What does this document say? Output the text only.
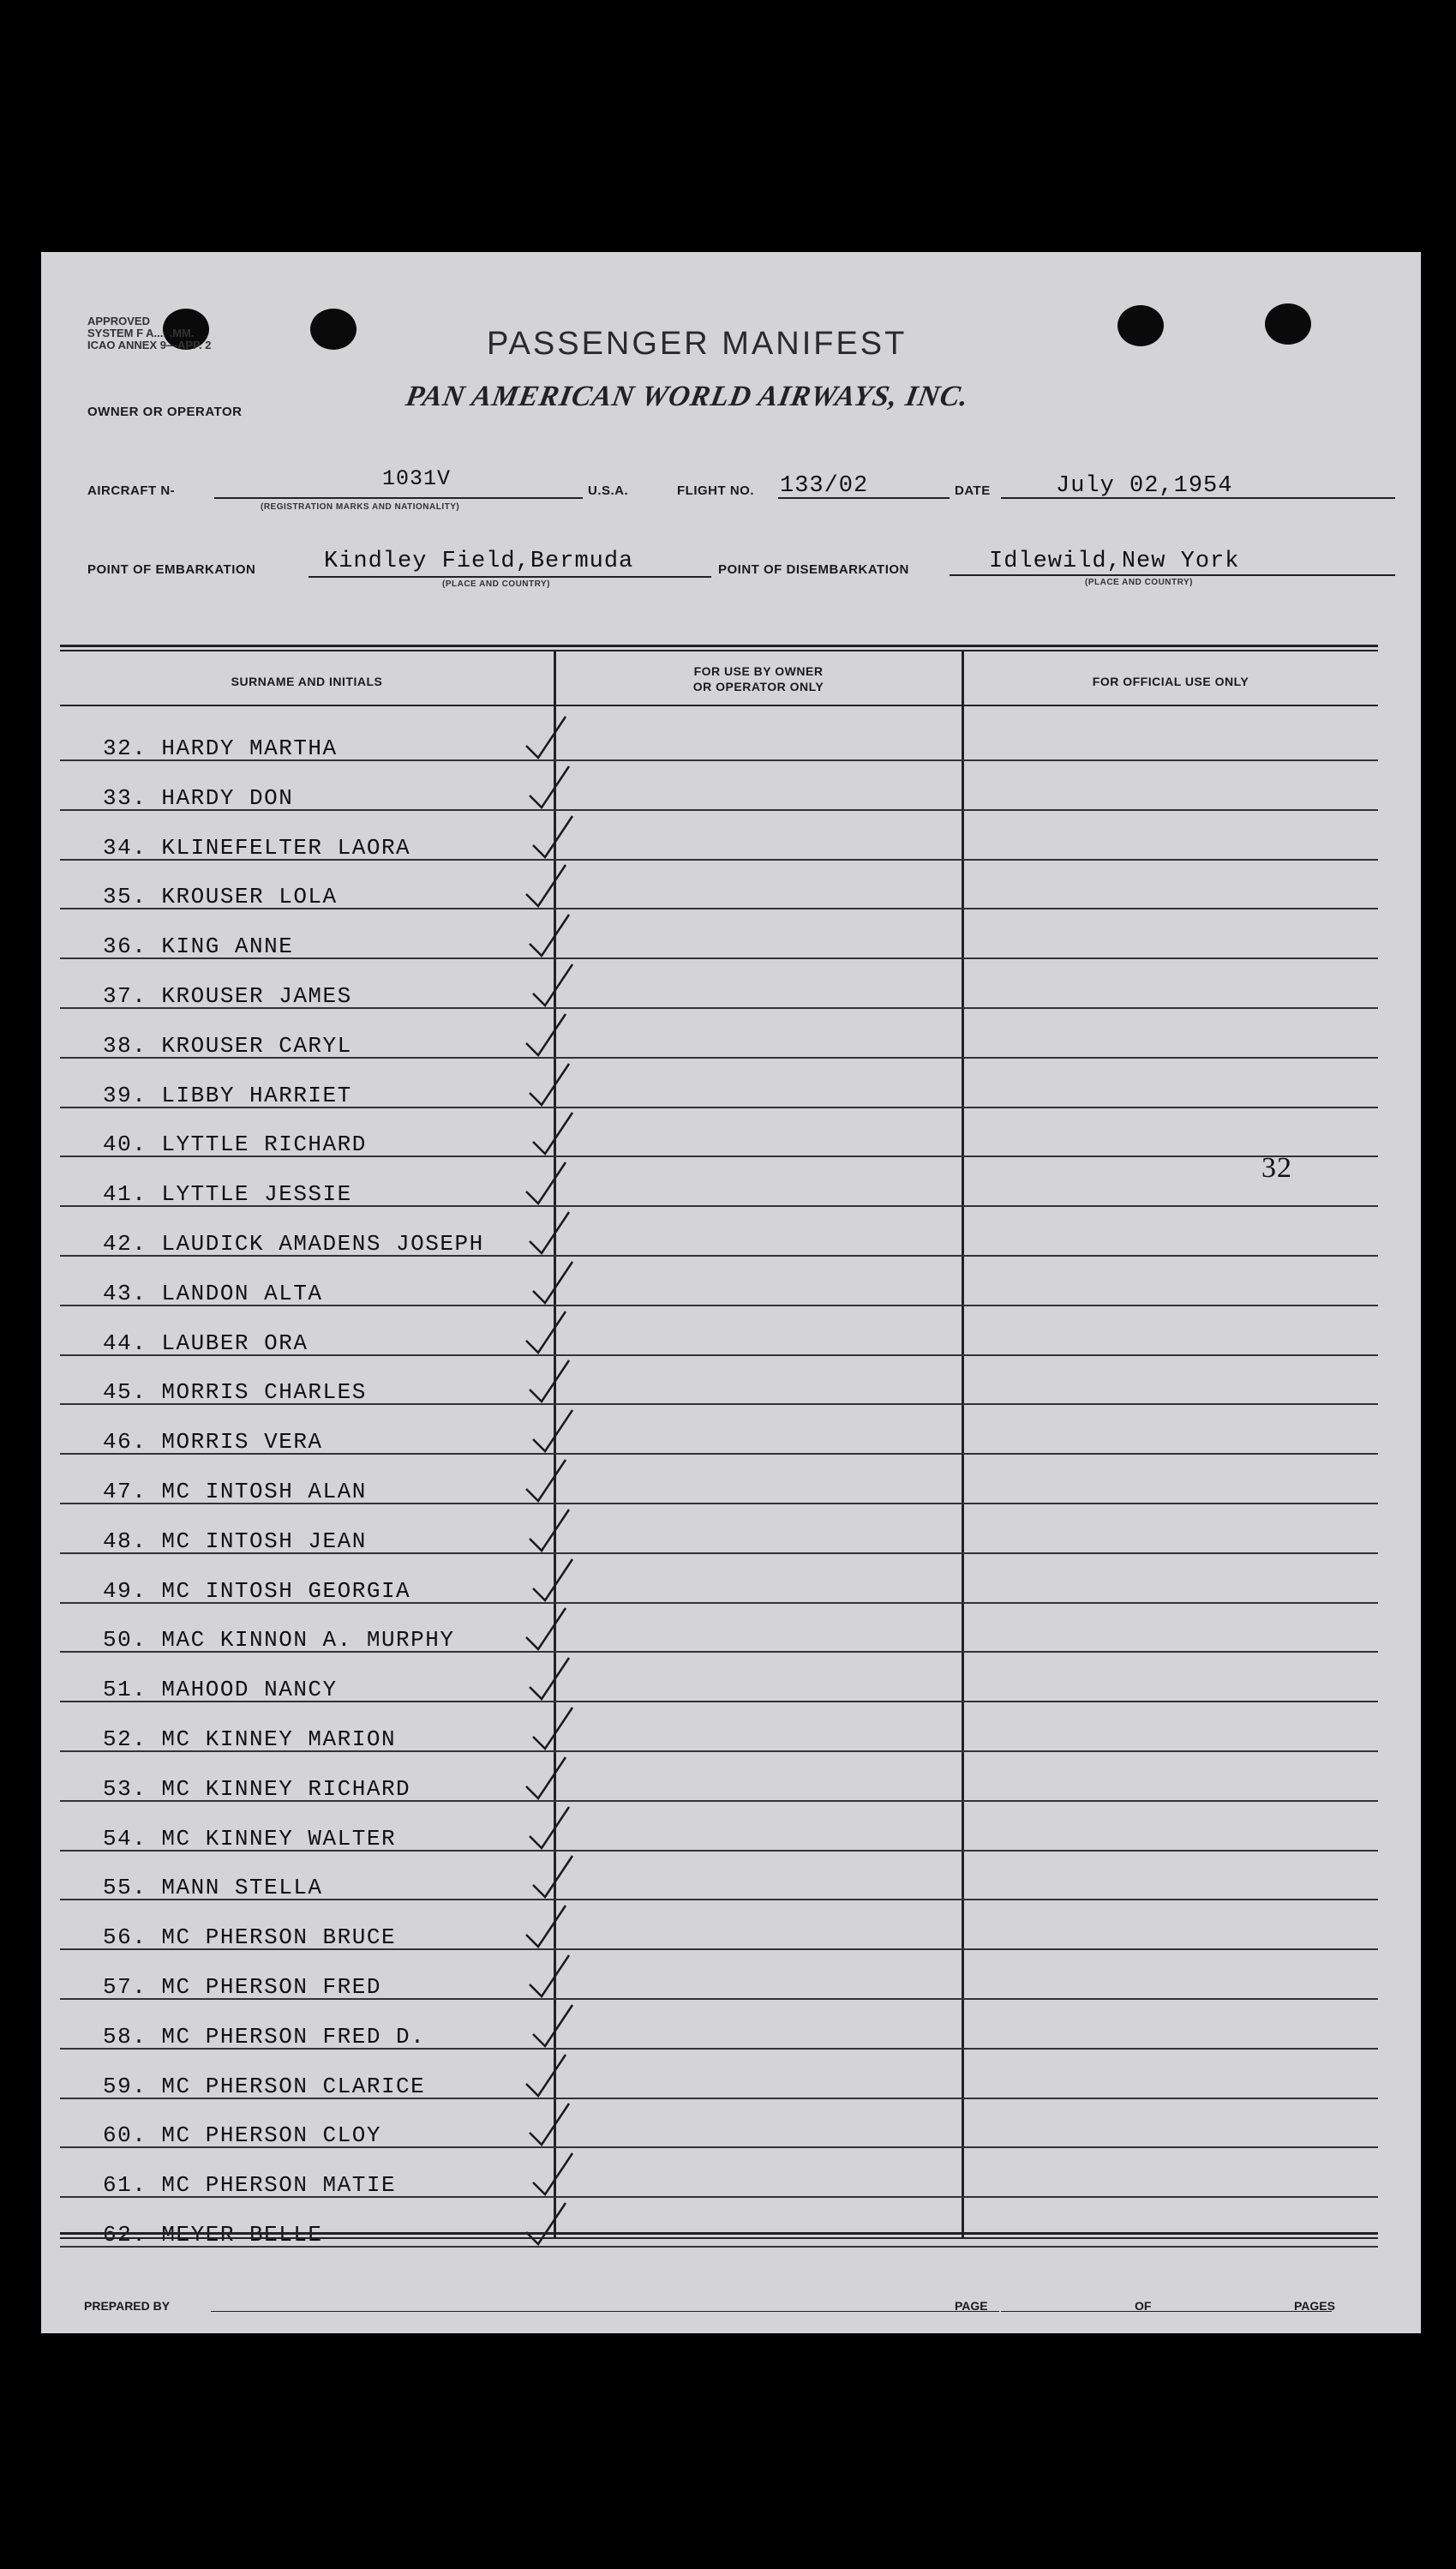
APPROVED
SYSTEM F A.... .MM.
ICAO ANNEX 9—APP. 2	PASSENGER MANIFEST
OWNER OR OPERATOR	PAN AMERICAN WORLD AIRWAYS, INC.
AIRCRAFT N-	1031V
(REGISTRATION MARKS AND NATIONALITY)
U.S.A.	FLIGHT NO. 133/02	DATE	July 02,1954
POINT OF EMBARKATION	Kindley Field,Bermuda
(PLACE AND COUNTRY)
POINT OF DISEMBARKATION	Idlewild,New York
(PLACE AND COUNTRY)
SURNAME AND INITIALS
FOR USE BY OWNER
OR OPERATOR ONLY	FOR OFFICIAL USE ONLY
32
32. HARDY MARTHA
33. HARDY DON
34. KLINEFELTER LAORA
35. KROUSER LOLA
36. KING ANNE
37. KROUSER JAMES
38. KROUSER CARYL
39. LIBBY HARRIET
40. LYTTLE RICHARD
41. LYTTLE JESSIE
42. LAUDICK AMADENS JOSEPH
43. LANDON ALTA
44. LAUBER ORA
45. MORRIS CHARLES
46. MORRIS VERA
47. MC INTOSH ALAN
48. MC INTOSH JEAN
49. MC INTOSH GEORGIA
50. MAC KINNON A. MURPHY
51. MAHOOD NANCY
52. MC KINNEY MARION
53. MC KINNEY RICHARD
54. MC KINNEY WALTER
55. MANN STELLA
56. MC PHERSON BRUCE
57. MC PHERSON FRED
58. MC PHERSON FRED D.
59. MC PHERSON CLARICE
60. MC PHERSON CLOY
61. MC PHERSON MATIE
62. MEYER BELLE
PREPARED BY	PAGE	OF	PAGES
